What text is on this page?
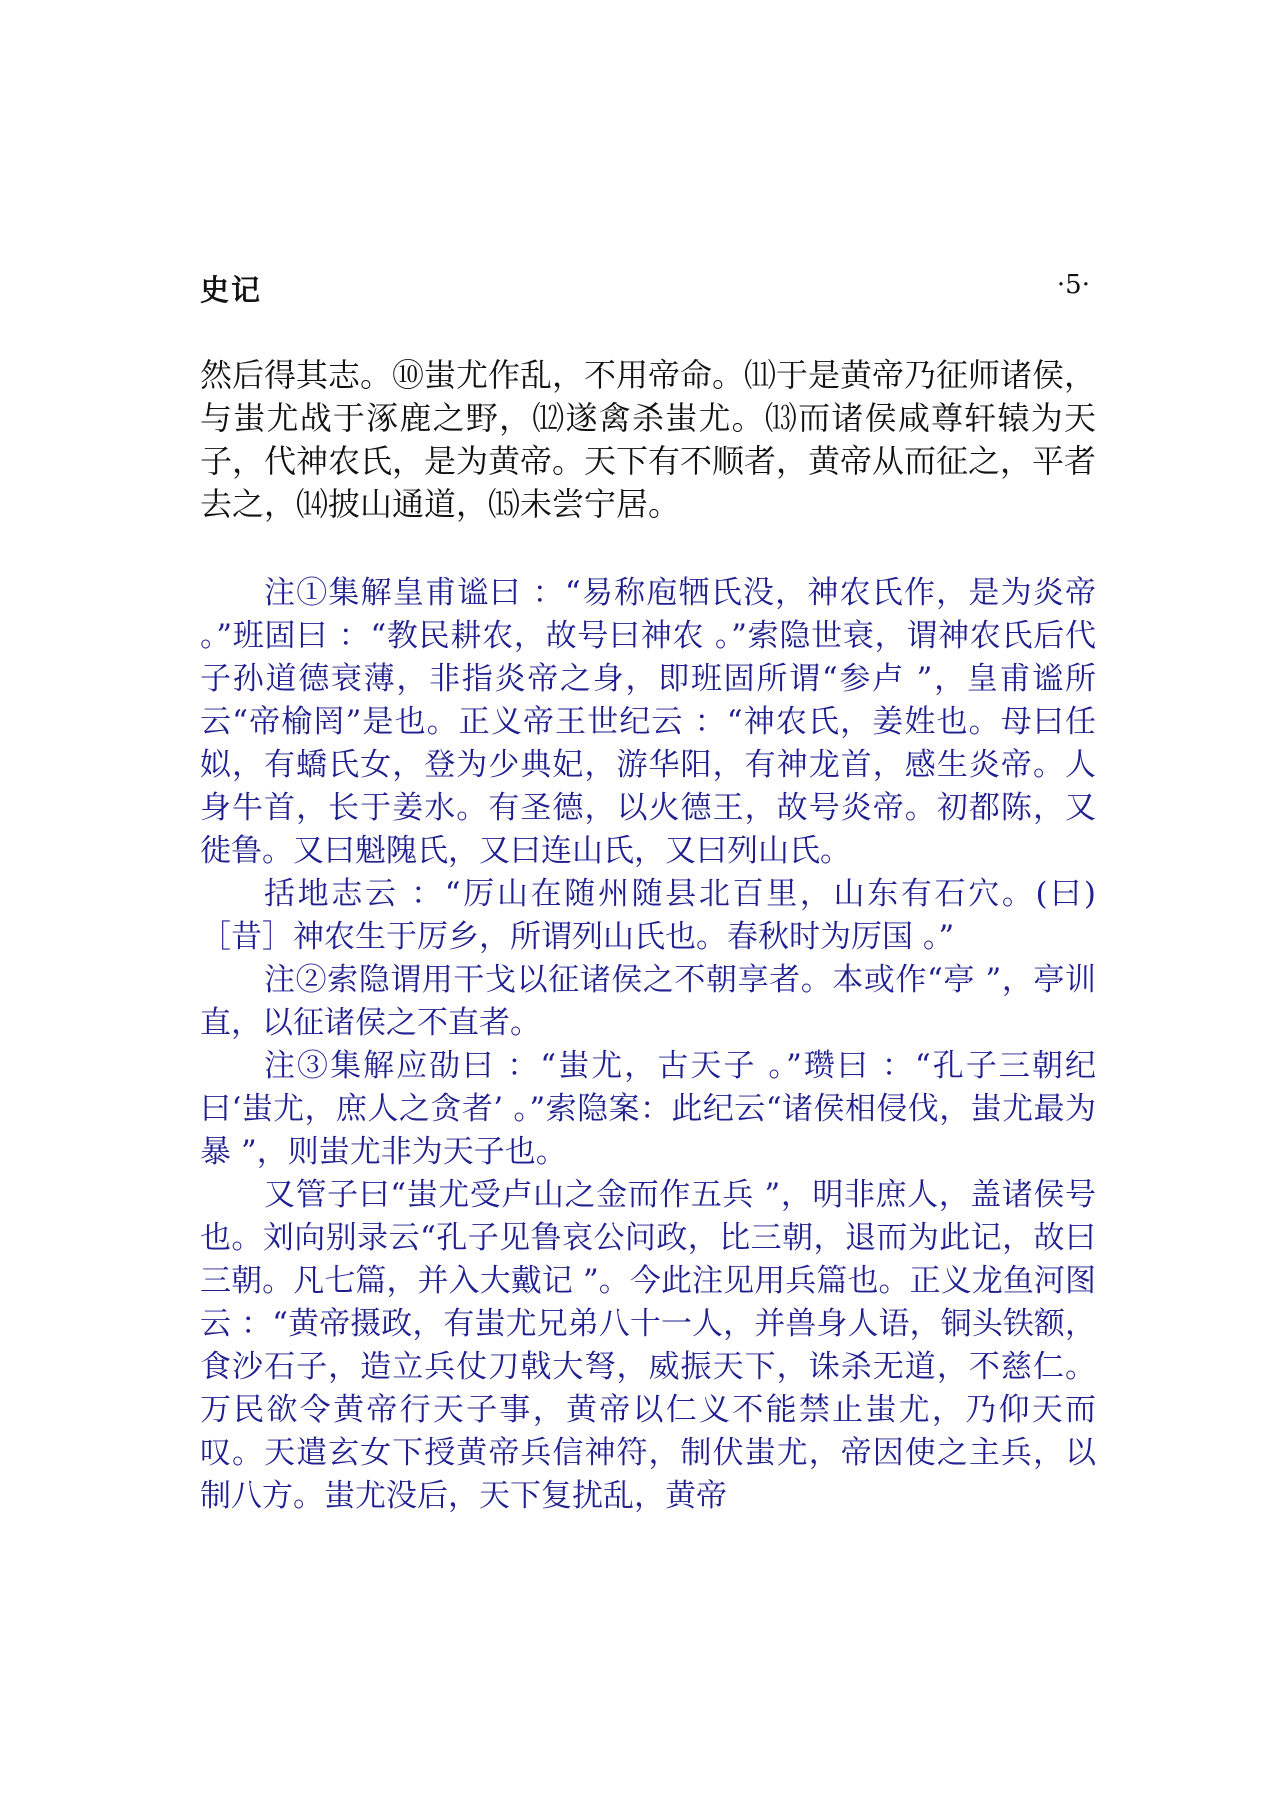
史记	·5·

然后得其志。⑩蚩尤作乱，不用帝命。⑾于是黄帝乃征师诸侯，与蚩尤战于涿鹿之野，⑿遂禽杀蚩尤。⒀而诸侯咸尊轩辕为天子，代神农氏，是为黄帝。天下有不顺者，黄帝从而征之，平者去之，⒁披山通道，⒂未尝宁居。

注①集解皇甫谧曰 ：“易称庖牺氏没，神农氏作，是为炎帝 。”班固曰 ：“教民耕农，故号曰神农 。”索隐世衰，谓神农氏后代子孙道德衰薄，非指炎帝之身，即班固所谓“参卢 ”，皇甫谧所云“帝榆罔”是也。正义帝王世纪云 ：“神农氏，姜姓也。母曰任姒，有蟜氏女，登为少典妃，游华阳，有神龙首，感生炎帝。人身牛首，长于姜水。有圣德，以火德王，故号炎帝。初都陈，又徙鲁。又曰魁隗氏，又曰连山氏，又曰列山氏。

括地志云 ：“厉山在随州随县北百里，山东有石穴。(曰)［昔］神农生于厉乡，所谓列山氏也。春秋时为厉国 。”

注②索隐谓用干戈以征诸侯之不朝享者。本或作“亭 ”，亭训直，以征诸侯之不直者。

注③集解应劭曰 ：“蚩尤，古天子 。”瓒曰 ：“孔子三朝纪曰‘蚩尤，庶人之贪者’ 。”索隐案：此纪云“诸侯相侵伐，蚩尤最为暴 ”，则蚩尤非为天子也。

又管子曰“蚩尤受卢山之金而作五兵 ”，明非庶人，盖诸侯号也。刘向别录云“孔子见鲁哀公问政，比三朝，退而为此记，故曰三朝。凡七篇，并入大戴记 ”。今此注见用兵篇也。正义龙鱼河图云 ：“黄帝摄政，有蚩尤兄弟八十一人，并兽身人语，铜头铁额，食沙石子，造立兵仗刀戟大弩，威振天下，诛杀无道，不慈仁。万民欲令黄帝行天子事，黄帝以仁义不能禁止蚩尤，乃仰天而叹。天遣玄女下授黄帝兵信神符，制伏蚩尤，帝因使之主兵，以制八方。蚩尤没后，天下复扰乱，黄帝
